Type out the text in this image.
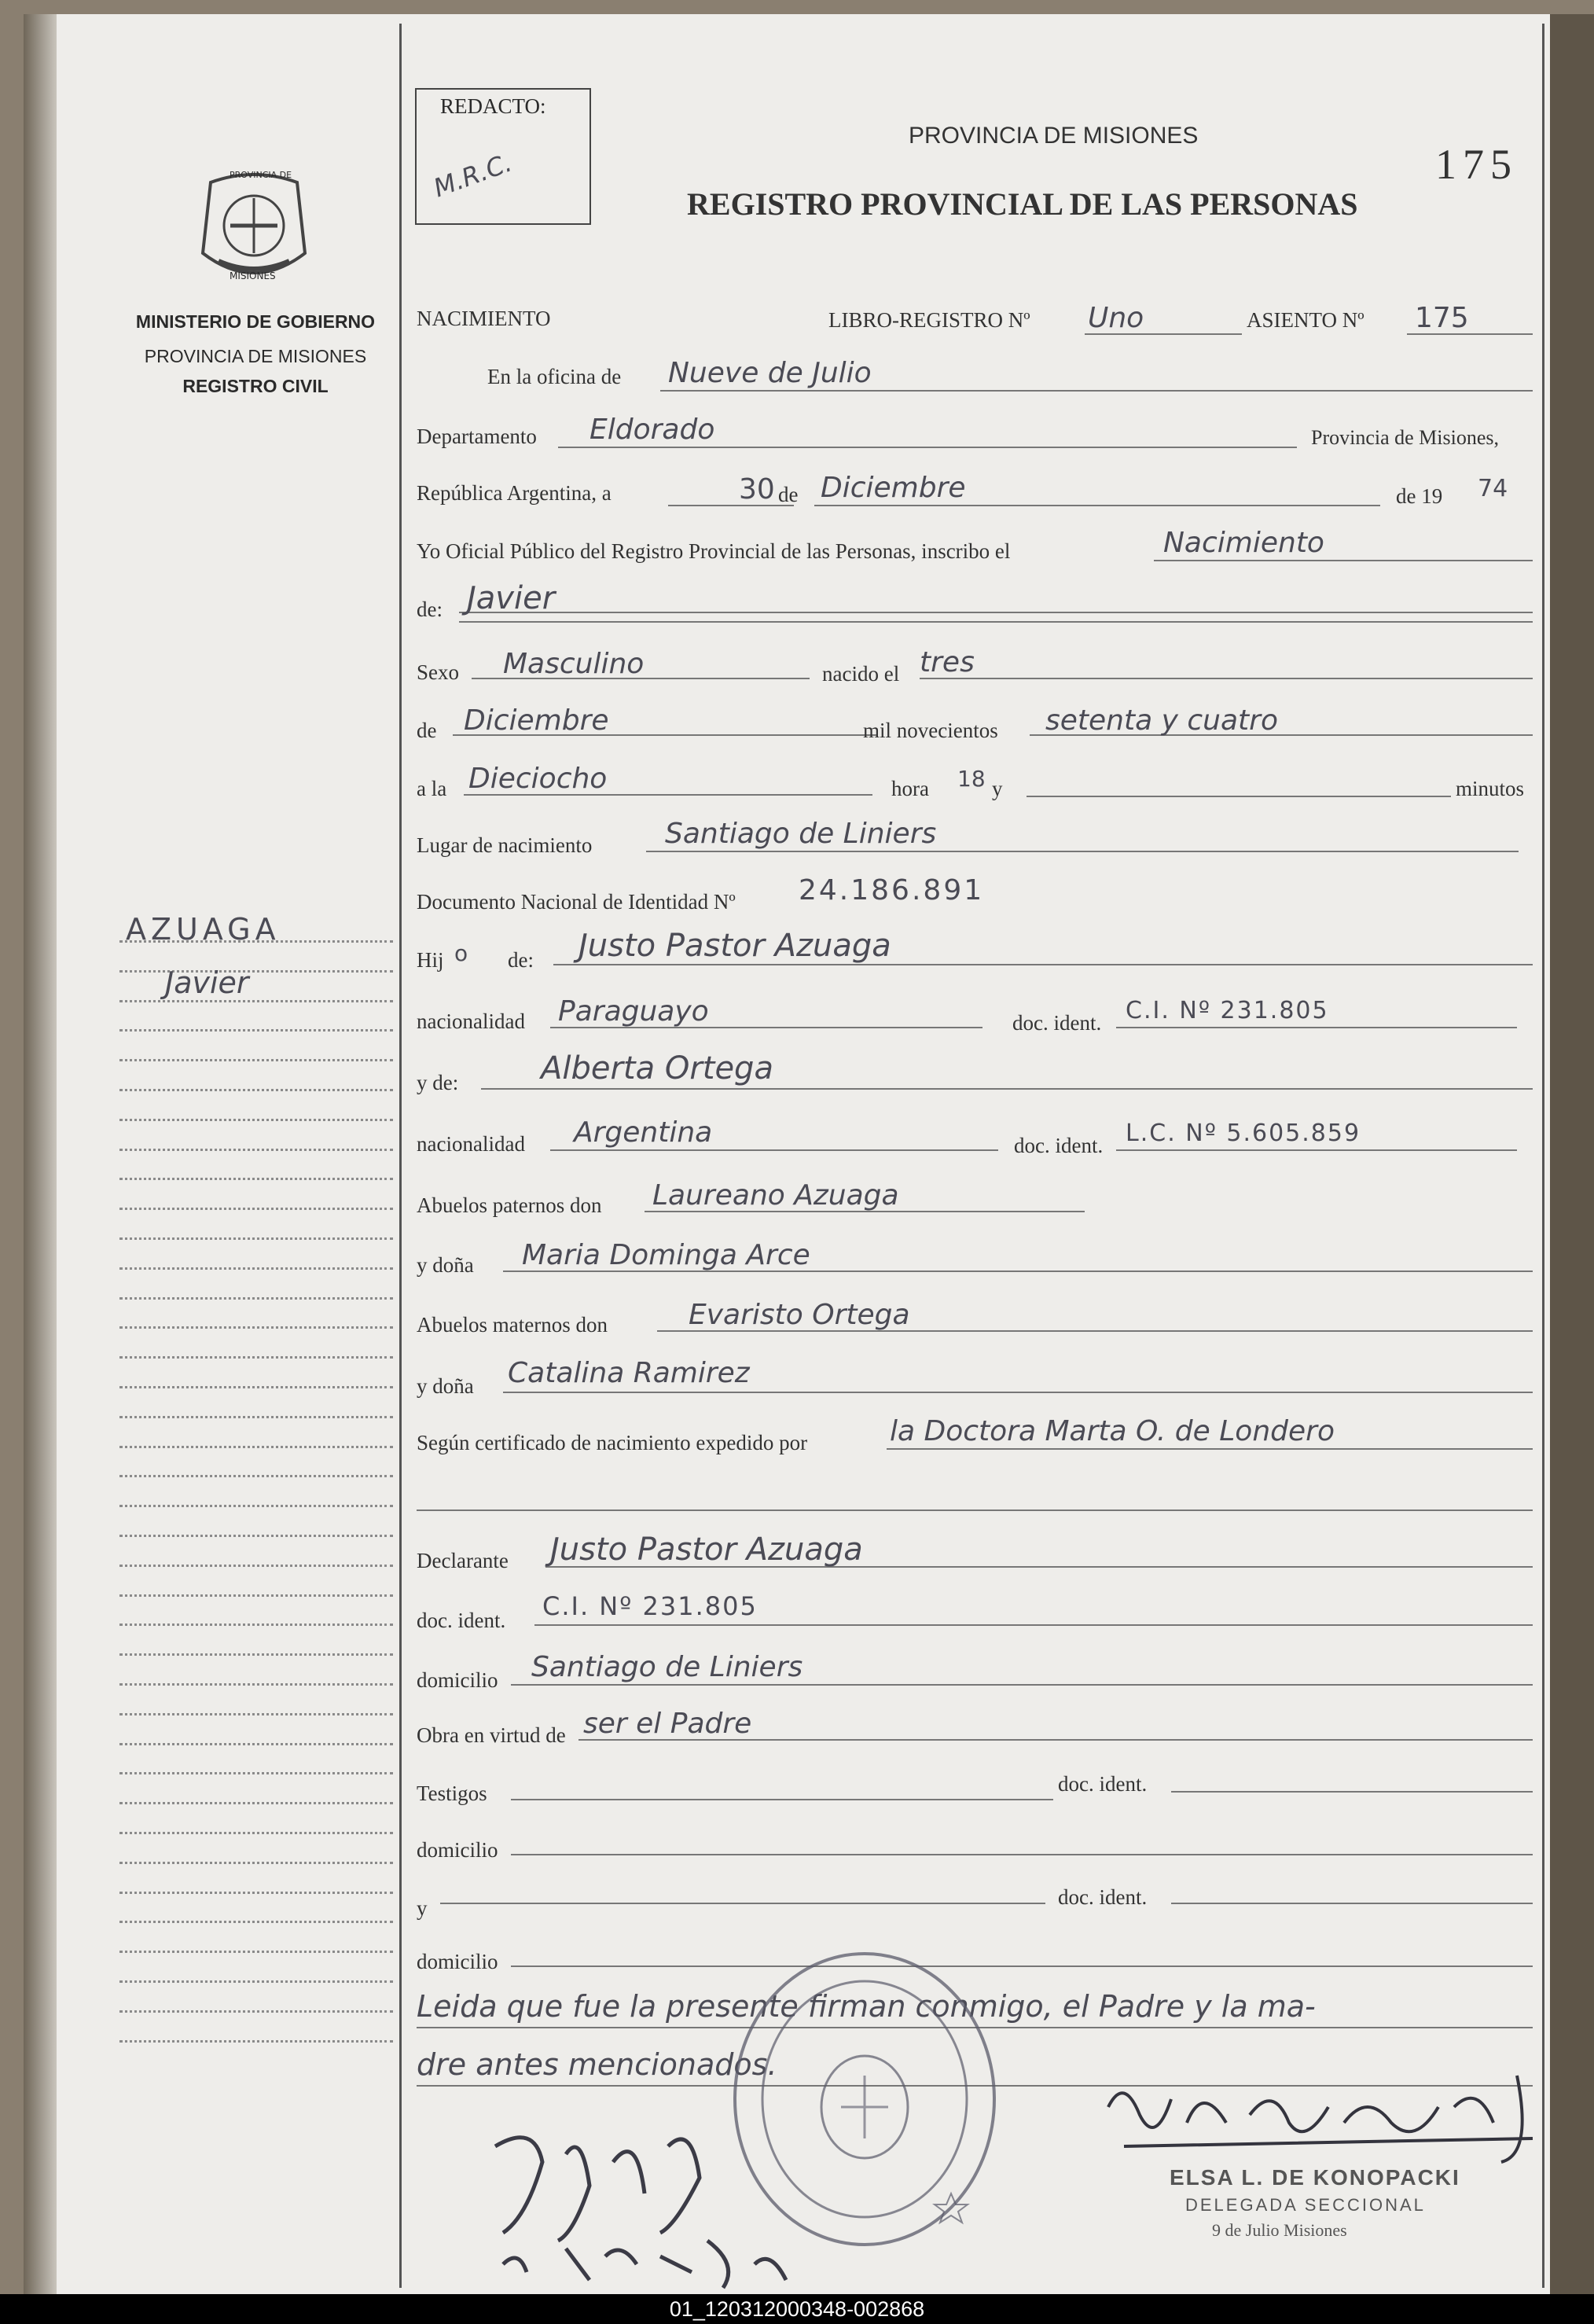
REDACTO:
M.R.C.
PROVINCIA DE MISIONES
REGISTRO PROVINCIAL DE LAS PERSONAS
175
PROVINCIA DE
MISIONES
MINISTERIO DE GOBIERNO
PROVINCIA DE MISIONES
REGISTRO CIVIL
AZUAGA
Javier
NACIMIENTO	LIBRO-REGISTRO Nº Uno	ASIENTO Nº 175
En la oficina de Nueve de Julio
Departamento Eldorado	Provincia de Misiones,
República Argentina, a	30 de Diciembre	de 19 74
Yo Oficial Público del Registro Provincial de las Personas, inscribo el	Nacimiento
de: Javier
Sexo Masculino	nacido el tres
de Diciembre	mil novecientos setenta y cuatro
a la Dieciocho	hora 18 y	minutos
Lugar de nacimiento	Santiago de Liniers
Documento Nacional de Identidad Nº 24.186.891
Hij o de: Justo Pastor Azuaga
nacionalidad Paraguayo	doc. ident. C.I. Nº 231.805
y de:	Alberta Ortega
nacionalidad Argentina	doc. ident. L.C. Nº 5.605.859
Abuelos paternos don Laureano Azuaga
y doña Maria Dominga Arce
Abuelos maternos don	Evaristo Ortega
y doña Catalina Ramirez
Según certificado de nacimiento expedido por	la Doctora Marta O. de Londero
Declarante Justo Pastor Azuaga
doc. ident. C.I. Nº 231.805
domicilio Santiago de Liniers
Obra en virtud de ser el Padre
Testigos	doc. ident.
domicilio
y	doc. ident.
domicilio
Leida que fue la presente firman conmigo, el Padre y la ma-
dre antes mencionados.
ELSA L. DE KONOPACKI
DELEGADA SECCIONAL
9 de Julio Misiones
01_120312000348-002868
